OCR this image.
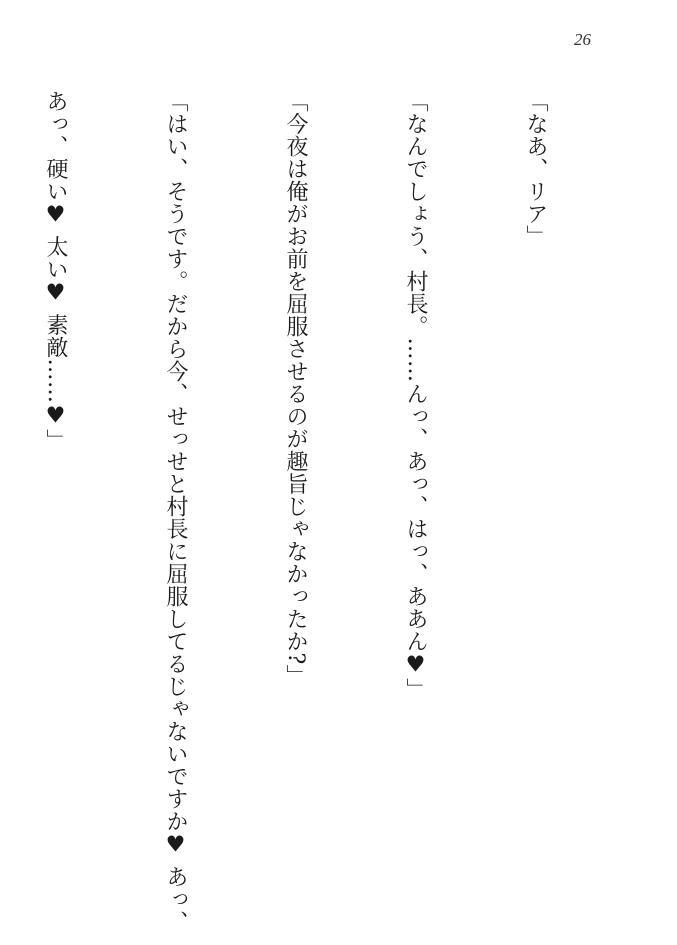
26

「なあ、リア」

「なんでしょう、村長。……んっ、あっ、はっ、ああん♥」

「今夜は俺がお前を屈服させるのが趣旨じゃなかったか?」

「はい、そうです。だから今、せっせと村長に屈服してるじゃないですか♥ あっ、

あっ、硬い♥ 太い♥ 素敵……♥」
